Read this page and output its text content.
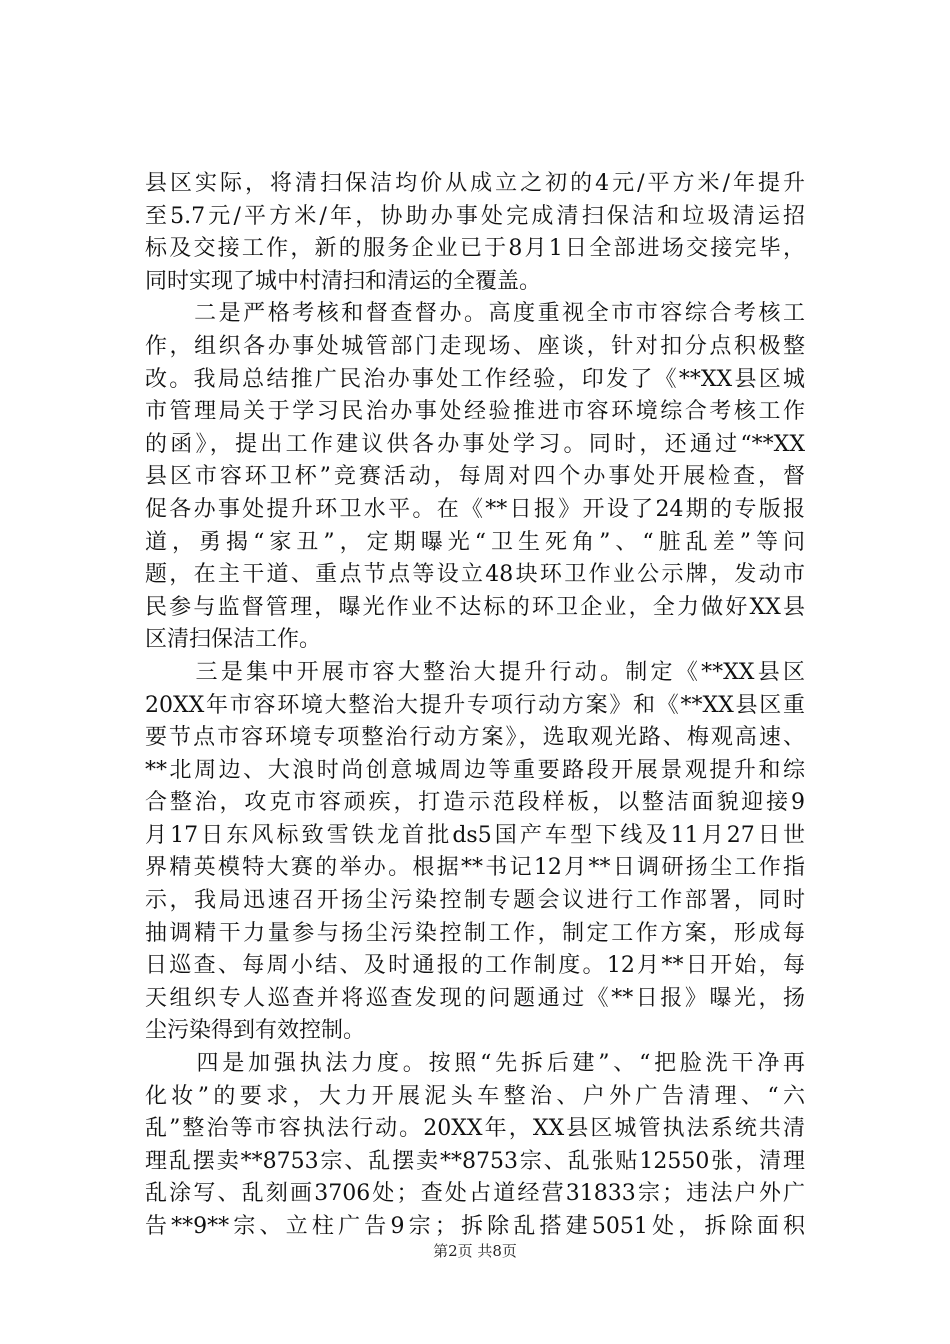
县区实际，将清扫保洁均价从成立之初的4元/平方米/年提升
至5.7元/平方米/年，协助办事处完成清扫保洁和垃圾清运招
标及交接工作，新的服务企业已于8月1日全部进场交接完毕，
同时实现了城中村清扫和清运的全覆盖。
　　二是严格考核和督查督办。高度重视全市市容综合考核工
作，组织各办事处城管部门走现场、座谈，针对扣分点积极整
改。我局总结推广民治办事处工作经验，印发了《**XX县区城
市管理局关于学习民治办事处经验推进市容环境综合考核工作
的函》，提出工作建议供各办事处学习。同时，还通过“**XX
县区市容环卫杯”竞赛活动，每周对四个办事处开展检查，督
促各办事处提升环卫水平。在《**日报》开设了24期的专版报
道，勇揭“家丑”，定期曝光“卫生死角”、“脏乱差”等问
题，在主干道、重点节点等设立48块环卫作业公示牌，发动市
民参与监督管理，曝光作业不达标的环卫企业，全力做好XX县
区清扫保洁工作。
　　三是集中开展市容大整治大提升行动。制定《**XX县区
20XX年市容环境大整治大提升专项行动方案》和《**XX县区重
要节点市容环境专项整治行动方案》，选取观光路、梅观高速、
**北周边、大浪时尚创意城周边等重要路段开展景观提升和综
合整治，攻克市容顽疾，打造示范段样板，以整洁面貌迎接9
月17日东风标致雪铁龙首批ds5国产车型下线及11月27日世
界精英模特大赛的举办。根据**书记12月**日调研扬尘工作指
示，我局迅速召开扬尘污染控制专题会议进行工作部署，同时
抽调精干力量参与扬尘污染控制工作，制定工作方案，形成每
日巡查、每周小结、及时通报的工作制度。12月**日开始，每
天组织专人巡查并将巡查发现的问题通过《**日报》曝光，扬
尘污染得到有效控制。
　　四是加强执法力度。按照“先拆后建”、“把脸洗干净再
化妆”的要求，大力开展泥头车整治、户外广告清理、“六
乱”整治等市容执法行动。20XX年，XX县区城管执法系统共清
理乱摆卖**8753宗、乱摆卖**8753宗、乱张贴12550张，清理
乱涂写、乱刻画3706处；查处占道经营31833宗；违法户外广
告**9**宗、立柱广告9宗；拆除乱搭建5051处，拆除面积
第2页 共8页
